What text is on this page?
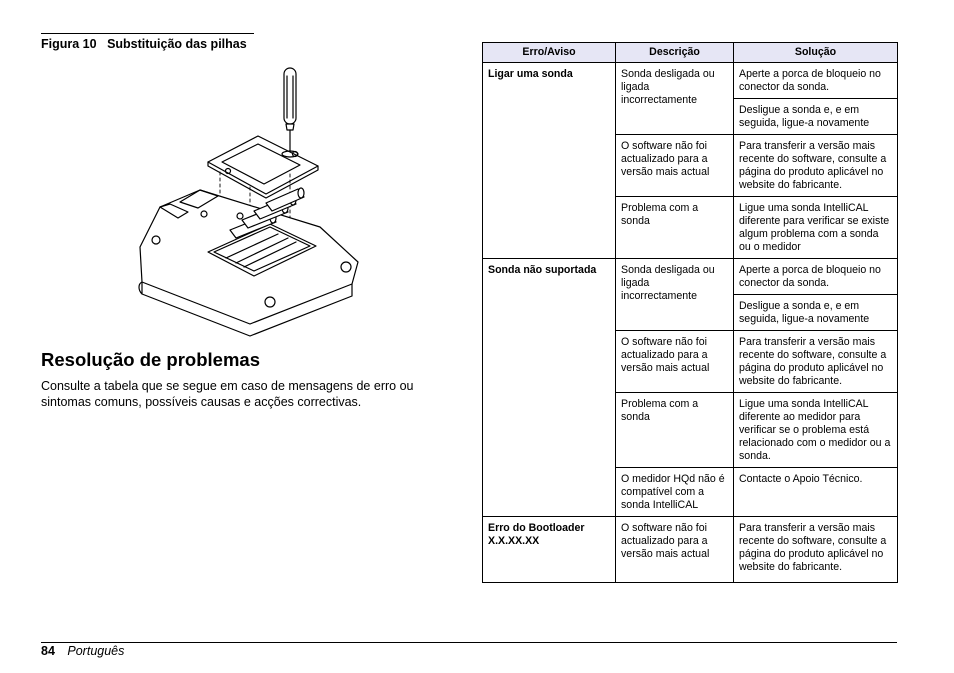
Figura 10 Substituição das pilhas
Resolução de problemas

Consulte a tabela que se segue em caso de mensagens de erro ou sintomas comuns, possíveis causas e acções correctivas.

Erro/Aviso	Descrição	Solução
Ligar uma sonda	Sonda desligada ou ligada incorrectamente	Aperte a porca de bloqueio no conector da sonda.
		Desligue a sonda e, e em seguida, ligue-a novamente
	O software não foi actualizado para a versão mais actual	Para transferir a versão mais recente do software, consulte a página do produto aplicável no website do fabricante.
	Problema com a sonda	Ligue uma sonda IntelliCAL diferente para verificar se existe algum problema com a sonda ou o medidor
Sonda não suportada	Sonda desligada ou ligada incorrectamente	Aperte a porca de bloqueio no conector da sonda.
		Desligue a sonda e, e em seguida, ligue-a novamente
	O software não foi actualizado para a versão mais actual	Para transferir a versão mais recente do software, consulte a página do produto aplicável no website do fabricante.
	Problema com a sonda	Ligue uma sonda IntelliCAL diferente ao medidor para verificar se o problema está relacionado com o medidor ou a sonda.
	O medidor HQd não é compatível com a sonda IntelliCAL	Contacte o Apoio Técnico.
Erro do Bootloader X.X.XX.XX	O software não foi actualizado para a versão mais actual	Para transferir a versão mais recente do software, consulte a página do produto aplicável no website do fabricante.
84 Português
